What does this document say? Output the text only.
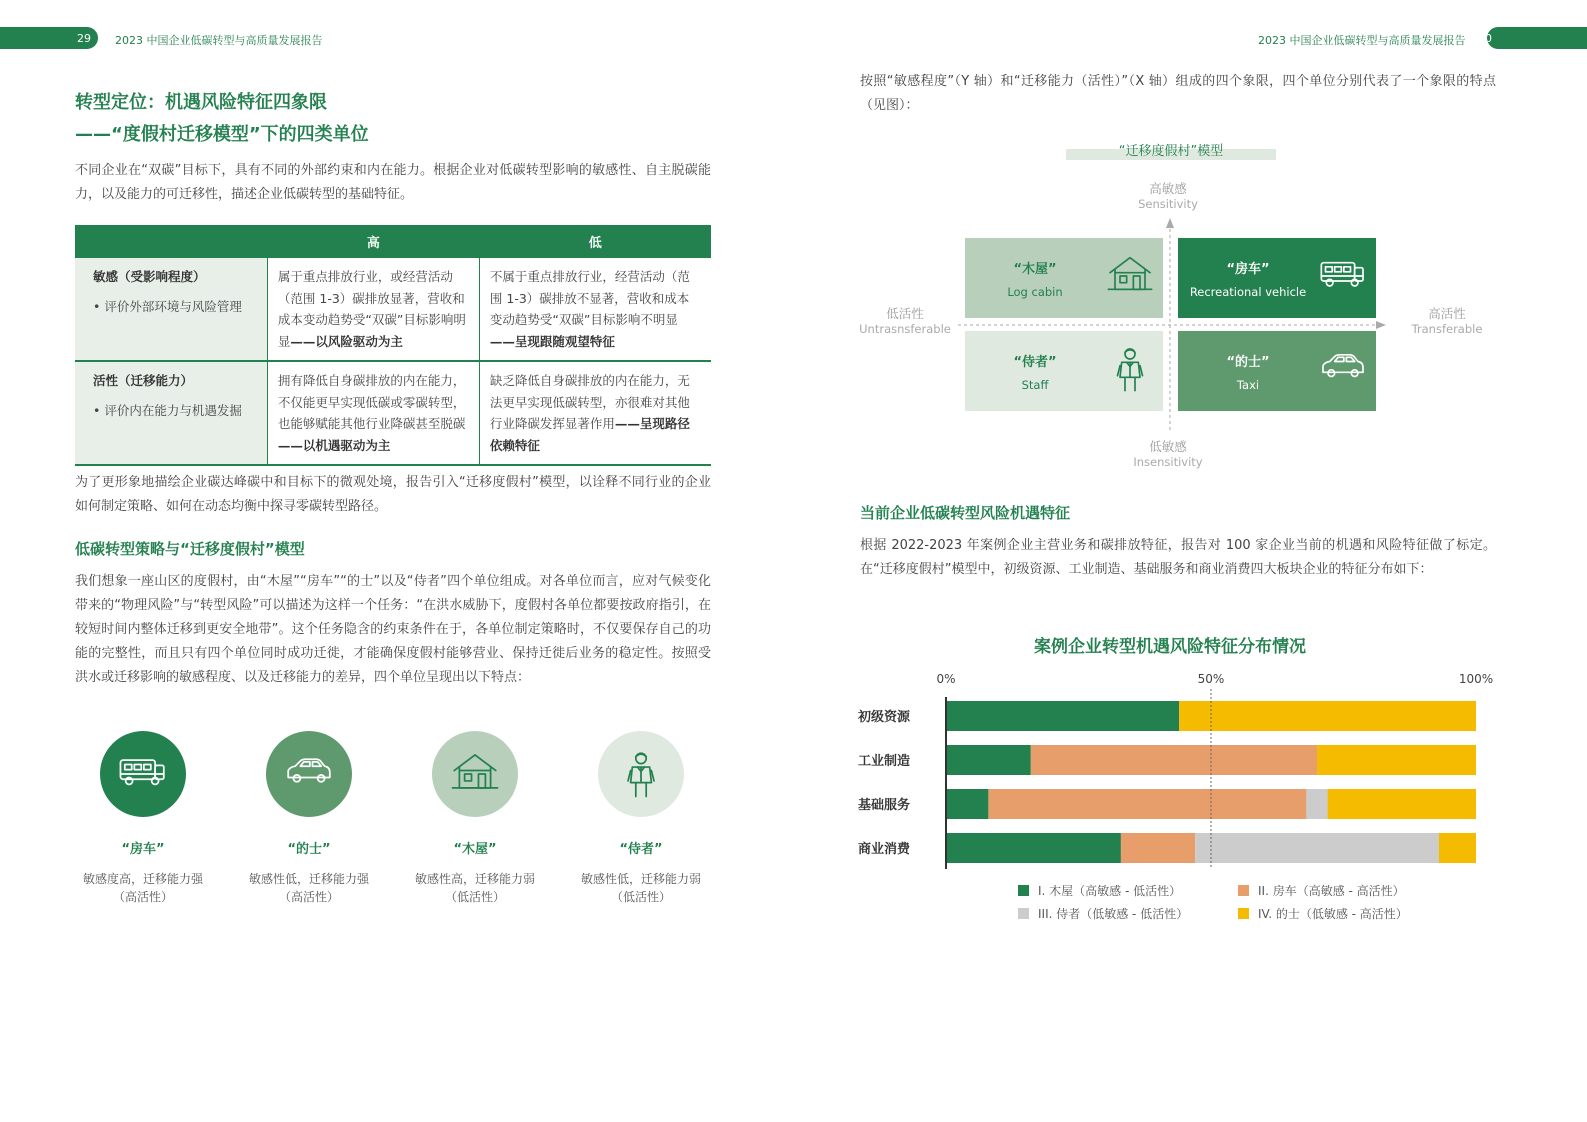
29 2023 中国企业低碳转型与高质量发展报告	2023 中国企业低碳转型与高质量发展报告 30
转型定位：机遇风险特征四象限
——“度假村迁移模型”下的四类单位
不同企业在“双碳”目标下，具有不同的外部约束和内在能力。根据企业对低碳转型影响的敏感性、自主脱碳能力，以及能力的可迁移性，描述企业低碳转型的基础特征。
	高	低

敏感（受影响程度）
• 评价外部环境与风险管理	属于重点排放行业，或经营活动（范围 1-3）碳排放显著，营收和成本变动趋势受“双碳”目标影响明显——以风险驱动为主	不属于重点排放行业，经营活动（范围 1-3）碳排放不显著，营收和成本变动趋势受“双碳”目标影响不明显——呈现跟随观望特征

活性（迁移能力）
• 评价内在能力与机遇发掘	拥有降低自身碳排放的内在能力，不仅能更早实现低碳或零碳转型，也能够赋能其他行业降碳甚至脱碳——以机遇驱动为主	缺乏降低自身碳排放的内在能力，无法更早实现低碳转型，亦很难对其他行业降碳发挥显著作用——呈现路径依赖特征
为了更形象地描绘企业碳达峰碳中和目标下的微观处境，报告引入“迁移度假村”模型，以诠释不同行业的企业如何制定策略、如何在动态均衡中探寻零碳转型路径。
低碳转型策略与“迁移度假村”模型
我们想象一座山区的度假村，由“木屋”“房车”“的士”以及“侍者”四个单位组成。对各单位而言，应对气候变化带来的“物理风险”与“转型风险”可以描述为这样一个任务：“在洪水威胁下，度假村各单位都要按政府指引，在较短时间内整体迁移到更安全地带”。这个任务隐含的约束条件在于，各单位制定策略时，不仅要保存自己的功能的完整性，而且只有四个单位同时成功迁徙，才能确保度假村能够营业、保持迁徙后业务的稳定性。按照受洪水或迁移影响的敏感程度、以及迁移能力的差异，四个单位呈现出以下特点：
“房车”
敏感度高，迁移能力强
（高活性）
“的士”
敏感性低，迁移能力强
（高活性）
“木屋”
敏感性高，迁移能力弱
（低活性）
“侍者”
敏感性低，迁移能力弱
（低活性）
按照“敏感程度”（Y 轴）和“迁移能力（活性）”（X 轴）组成的四个象限，四个单位分别代表了一个象限的特点（见图）：
“迁移度假村”模型
高敏感
Sensitivity
低敏感
Insensitivity
低活性
Untrasnsferable
高活性
Transferable
“木屋”
Log cabin
“房车”
Recreational vehicle
“侍者”
Staff
“的士”
Taxi
当前企业低碳转型风险机遇特征
根据 2022-2023 年案例企业主营业务和碳排放特征，报告对 100 家企业当前的机遇和风险特征做了标定。在“迁移度假村”模型中，初级资源、工业制造、基础服务和商业消费四大板块企业的特征分布如下：
案例企业转型机遇风险特征分布情况
0%	50%	100%
初级资源
工业制造
基础服务
商业消费
I. 木屋（高敏感 - 低活性）	II. 房车（高敏感 - 高活性）
III. 侍者（低敏感 - 低活性）	IV. 的士（低敏感 - 高活性）
